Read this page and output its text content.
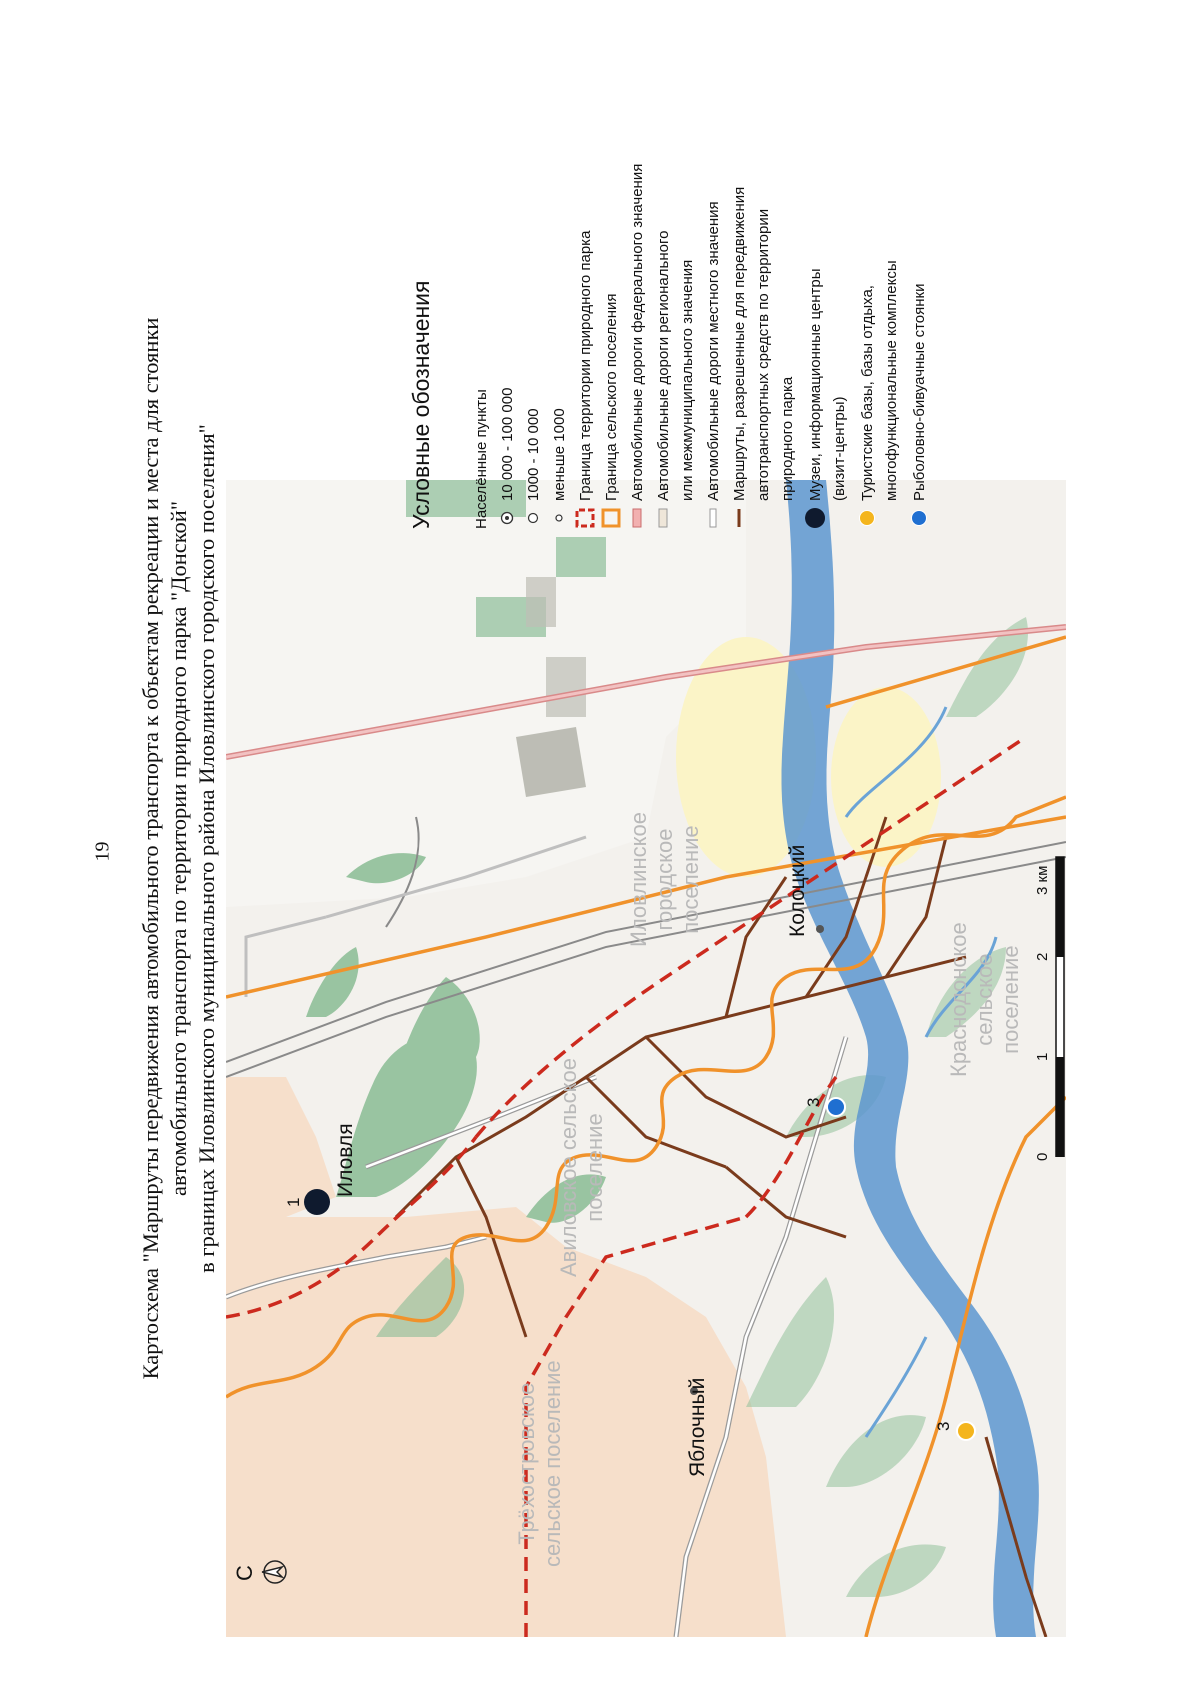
19 Картосхема "Маршруты передвижения автомобильного транспорта к объектам рекреации и места для стоянки автомобильного транспорта по территории природного парка "Донской" в границах Иловлинского муниципального района Иловлинского городского поселения"	Иловля
Колоцкий
Яблочный
Иловлинское городское поселение
Краснодонское сельское поселение
Авиловское сельское поселение
Трёхостровское сельское поселение
1
3
3
С
0
1
2
3 км
Условные обозначения	Населённые пункты 10 000 - 100 000 1000 - 10 000 меньше 1000 Граница территории природного парка Граница сельского поселения Автомобильные дороги федерального значения Автомобильные дороги регионального или межмуниципального значения Автомобильные дороги местного значения Маршруты, разрешенные для передвижения автотранспортных средств по территории природного парка Музеи, информационные центры (визит-центры) Туристские базы, базы отдыха, многофункциональные комплексы Рыболовно-бивуачные стоянки
